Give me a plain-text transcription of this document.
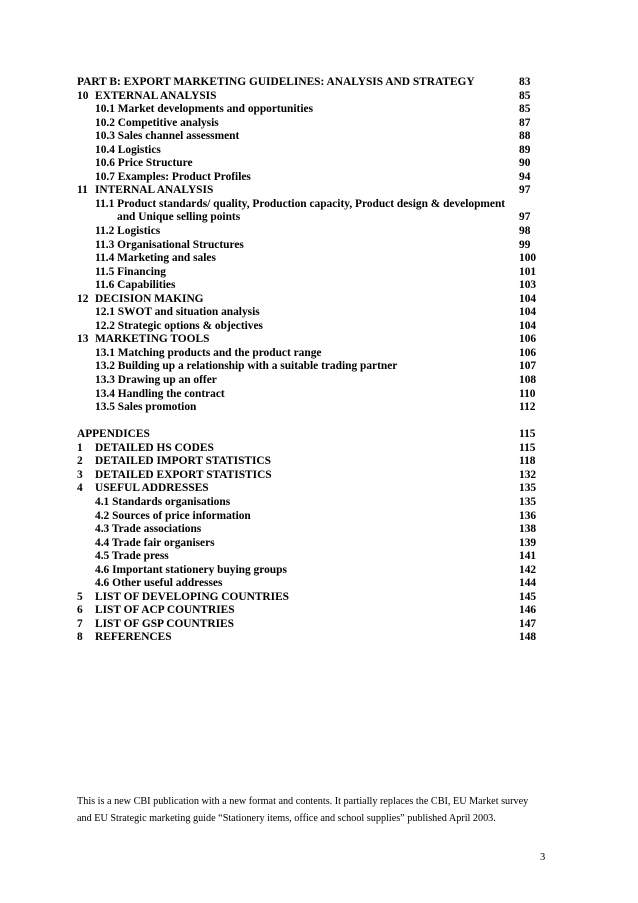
PART B: EXPORT MARKETING GUIDELINES: ANALYSIS AND STRATEGY	83
10 EXTERNAL ANALYSIS	85
10.1 Market developments and opportunities	85
10.2 Competitive analysis	87
10.3 Sales channel assessment	88
10.4 Logistics	89
10.6 Price Structure	90
10.7 Examples: Product Profiles	94
11 INTERNAL ANALYSIS	97
11.1 Product standards/ quality, Production capacity, Product design & development
and Unique selling points	97
11.2 Logistics	98
11.3 Organisational Structures	99
11.4 Marketing and sales	100
11.5 Financing	101
11.6 Capabilities	103
12 DECISION MAKING	104
12.1 SWOT and situation analysis	104
12.2 Strategic options & objectives	104
13 MARKETING TOOLS	106
13.1 Matching products and the product range	106
13.2 Building up a relationship with a suitable trading partner	107
13.3 Drawing up an offer	108
13.4 Handling the contract	110
13.5 Sales promotion	112
APPENDICES	115
1 DETAILED HS CODES	115
2 DETAILED IMPORT STATISTICS	118
3 DETAILED EXPORT STATISTICS	132
4 USEFUL ADDRESSES	135
4.1 Standards organisations	135
4.2 Sources of price information	136
4.3 Trade associations	138
4.4 Trade fair organisers	139
4.5 Trade press	141
4.6 Important stationery buying groups	142
4.6 Other useful addresses	144
5 LIST OF DEVELOPING COUNTRIES	145
6 LIST OF ACP COUNTRIES	146
7 LIST OF GSP COUNTRIES	147
8 REFERENCES	148
This is a new CBI publication with a new format and contents. It partially replaces the CBI, EU Market survey
and EU Strategic marketing guide “Stationery items, office and school supplies” published April 2003.
3
